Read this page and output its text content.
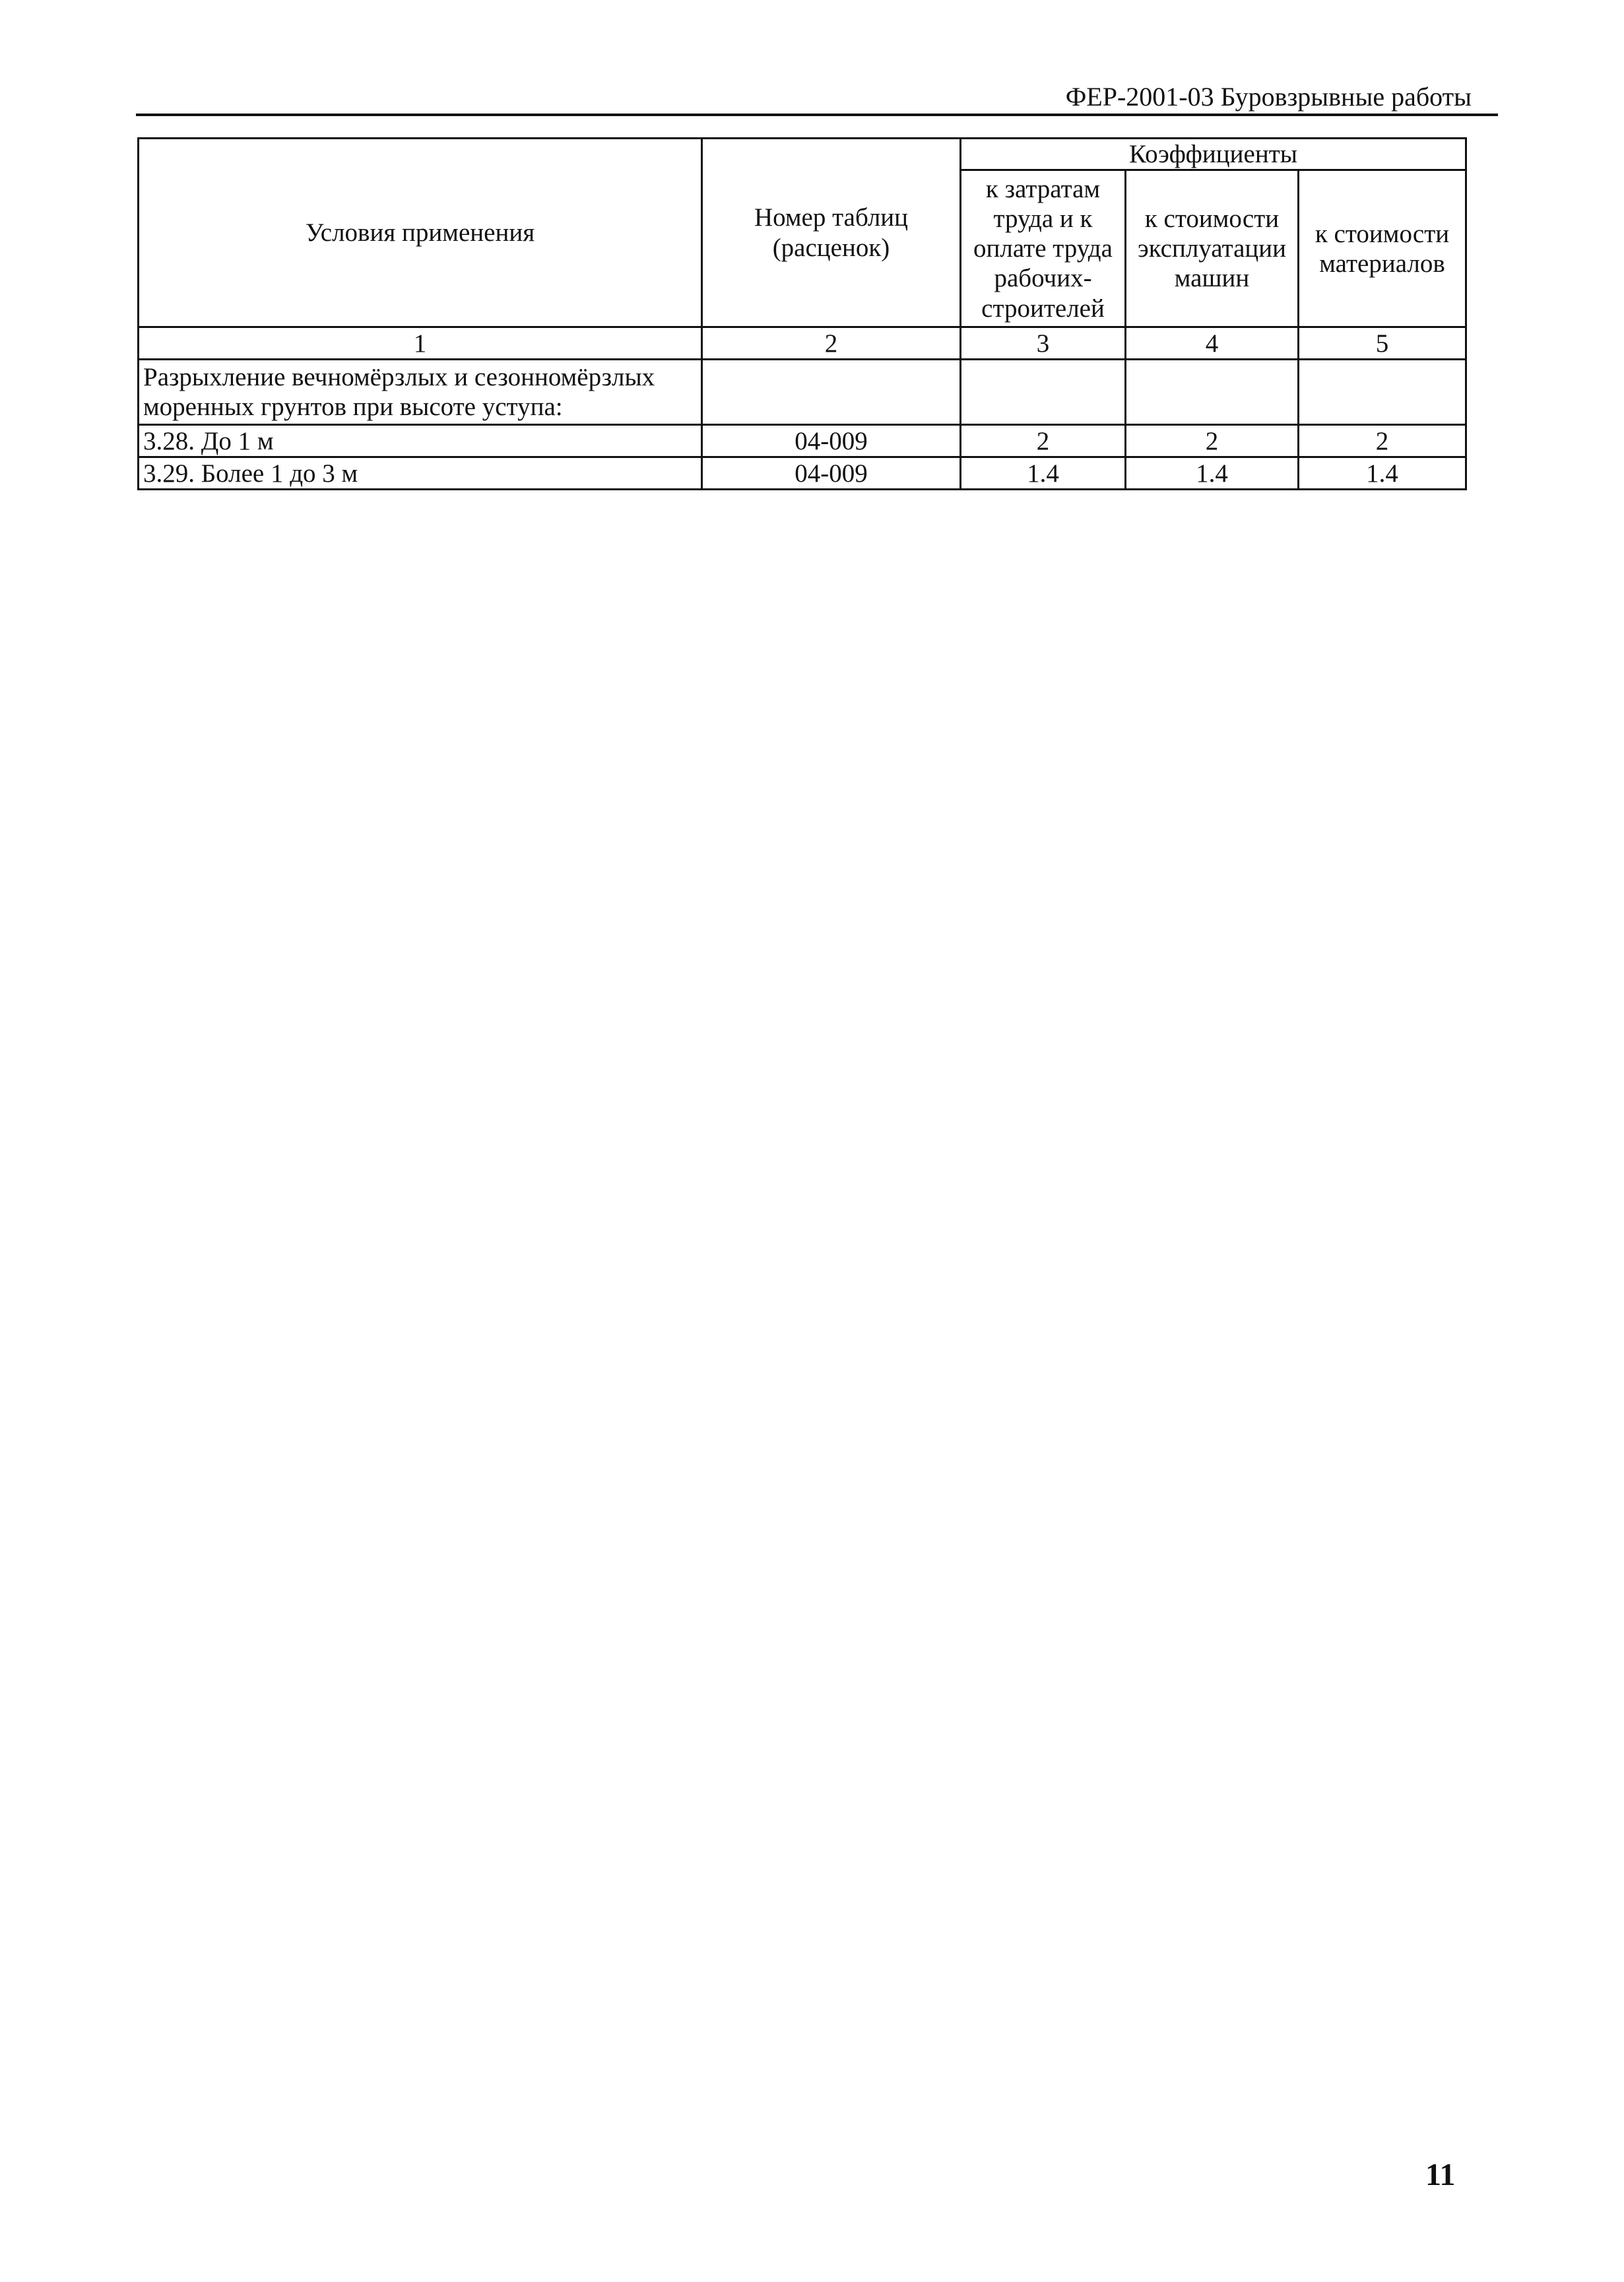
ФЕР-2001-03 Буровзрывные работы
Условия применения	Номер таблиц (расценок)	Коэффициенты		
		к затратам труда и к оплате труда рабочих-строителей	к стоимости эксплуатации машин	к стоимости материалов
1	2	3	4	5
Разрыхление вечномёрзлых и сезонномёрзлых моренных грунтов при высоте уступа:				
3.28. До 1 м	04-009	2	2	2
3.29. Более 1 до 3 м	04-009	1.4	1.4	1.4
11
